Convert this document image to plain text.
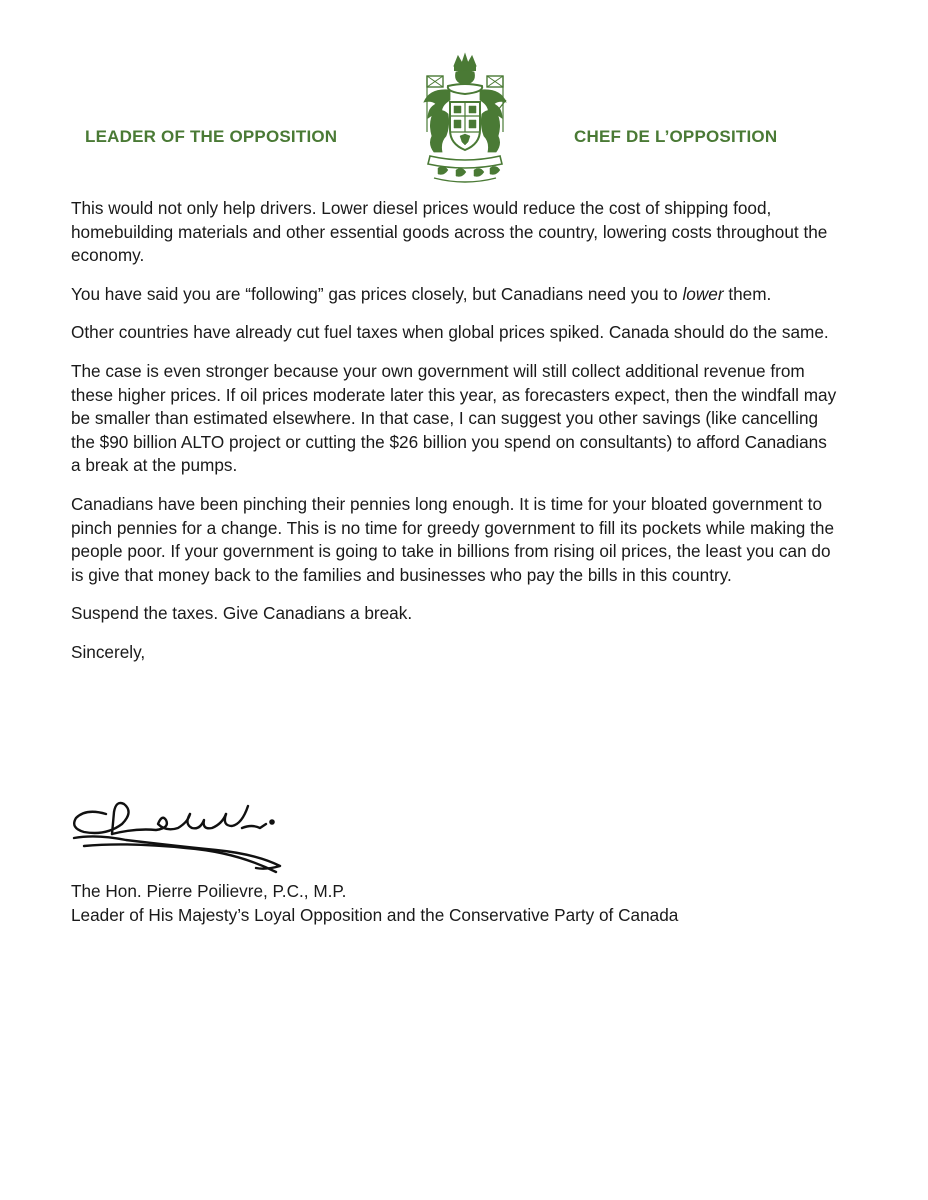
LEADER OF THE OPPOSITION	CHEF DE L’OPPOSITION

This would not only help drivers. Lower diesel prices would reduce the cost of shipping food, homebuilding materials and other essential goods across the country, lowering costs throughout the economy.

You have said you are “following” gas prices closely, but Canadians need you to lower them.

Other countries have already cut fuel taxes when global prices spiked. Canada should do the same.

The case is even stronger because your own government will still collect additional revenue from these higher prices. If oil prices moderate later this year, as forecasters expect, then the windfall may be smaller than estimated elsewhere. In that case, I can suggest you other savings (like cancelling the $90 billion ALTO project or cutting the $26 billion you spend on consultants) to afford Canadians a break at the pumps.

Canadians have been pinching their pennies long enough. It is time for your bloated government to pinch pennies for a change. This is no time for greedy government to fill its pockets while making the people poor. If your government is going to take in billions from rising oil prices, the least you can do is give that money back to the families and businesses who pay the bills in this country.

Suspend the taxes. Give Canadians a break.

Sincerely,

The Hon. Pierre Poilievre, P.C., M.P.
Leader of His Majesty’s Loyal Opposition and the Conservative Party of Canada
